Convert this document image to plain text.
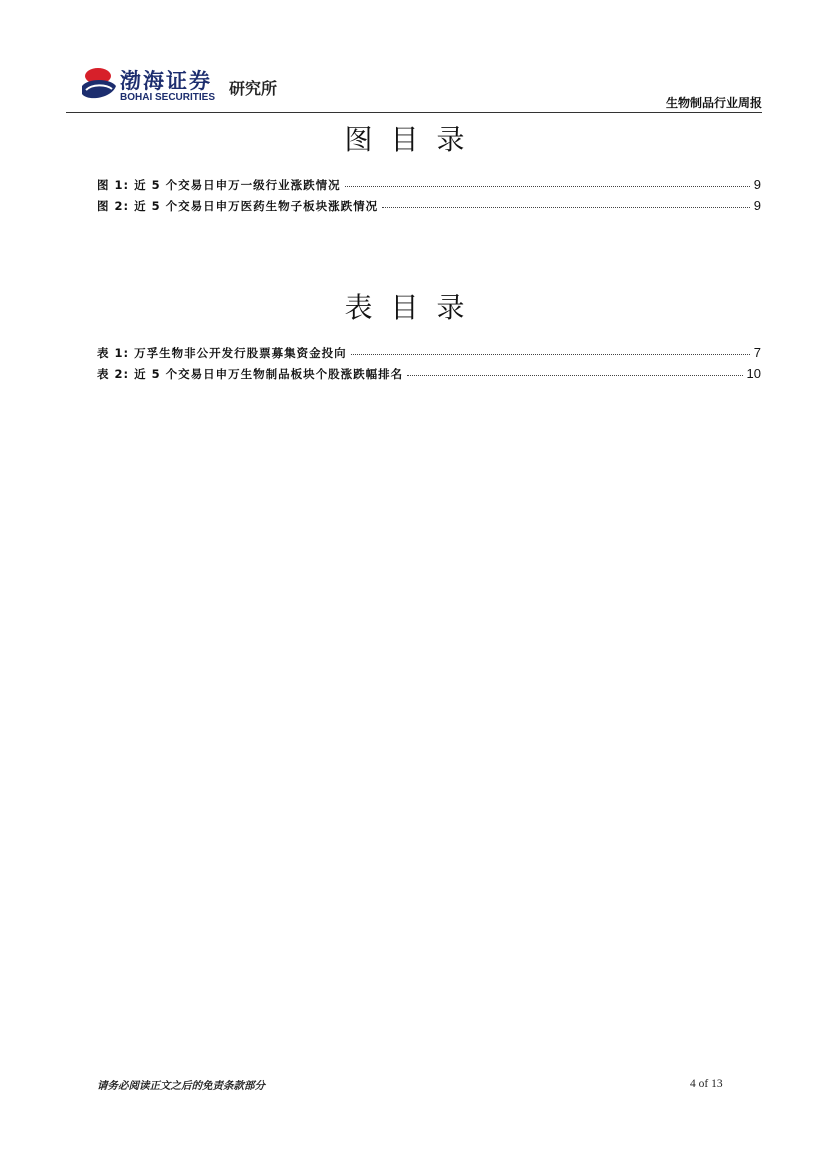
渤海证券
BOHAI SECURITIES 研究所
生物制品行业周报
图目录
图 1: 近 5 个交易日申万一级行业涨跌情况	9
图 2: 近 5 个交易日申万医药生物子板块涨跌情况	9
表目录
表 1: 万孚生物非公开发行股票募集资金投向	7
表 2: 近 5 个交易日申万生物制品板块个股涨跌幅排名	10
请务必阅读正文之后的免责条款部分	4 of 13
